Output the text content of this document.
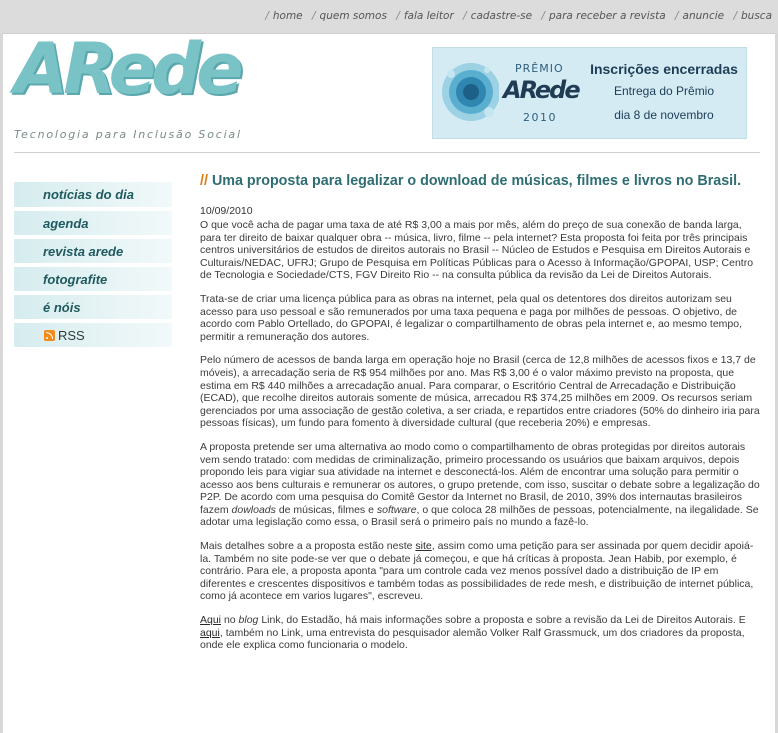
/ home / quem somos / fala leitor / cadastre-se / para receber a revista / anuncie / busca
ARede
Tecnologia para Inclusão Social
PRÊMIO
ARede
2010
Inscrições encerradas
Entrega do Prêmio
dia 8 de novembro
notícias do dia
agenda
revista arede
fotografite
é nóis
RSS
// Uma proposta para legalizar o download de músicas, filmes e livros no Brasil.
10/09/2010

O que você acha de pagar uma taxa de até R$ 3,00 a mais por mês, além do preço de sua conexão de banda larga, para ter direito de baixar qualquer obra -- música, livro, filme -- pela internet? Esta proposta foi feita por três principais centros universitários de estudos de direitos autorais no Brasil -- Núcleo de Estudos e Pesquisa em Direitos Autorais e Culturais/NEDAC, UFRJ; Grupo de Pesquisa em Políticas Públicas para o Acesso à Informação/GPOPAI, USP; Centro de Tecnologia e Sociedade/CTS, FGV Direito Rio -- na consulta pública da revisão da Lei de Direitos Autorais.

Trata-se de criar uma licença pública para as obras na internet, pela qual os detentores dos direitos autorizam seu acesso para uso pessoal e são remunerados por uma taxa pequena e paga por milhões de pessoas. O objetivo, de acordo com Pablo Ortellado, do GPOPAI, é legalizar o compartilhamento de obras pela internet e, ao mesmo tempo, permitir a remuneração dos autores.

Pelo número de acessos de banda larga em operação hoje no Brasil (cerca de 12,8 milhões de acessos fixos e 13,7 de móveis), a arrecadação seria de R$ 954 milhões por ano. Mas R$ 3,00 é o valor máximo previsto na proposta, que estima em R$ 440 milhões a arrecadação anual. Para comparar, o Escritório Central de Arrecadação e Distribuição (ECAD), que recolhe direitos autorais somente de música, arrecadou R$ 374,25 milhões em 2009. Os recursos seriam gerenciados por uma associação de gestão coletiva, a ser criada, e repartidos entre criadores (50% do dinheiro iria para pessoas físicas), um fundo para fomento à diversidade cultural (que receberia 20%) e empresas.

A proposta pretende ser uma alternativa ao modo como o compartilhamento de obras protegidas por direitos autorais vem sendo tratado: com medidas de criminalização, primeiro processando os usuários que baixam arquivos, depois propondo leis para vigiar sua atividade na internet e desconectá-los. Além de encontrar uma solução para permitir o acesso aos bens culturais e remunerar os autores, o grupo pretende, com isso, suscitar o debate sobre a legalização do P2P. De acordo com uma pesquisa do Comitê Gestor da Internet no Brasil, de 2010, 39% dos internautas brasileiros fazem dowloads de músicas, filmes e software, o que coloca 28 milhões de pessoas, potencialmente, na ilegalidade. Se adotar uma legislação como essa, o Brasil será o primeiro país no mundo a fazê-lo.

Mais detalhes sobre a a proposta estão neste site, assim como uma petição para ser assinada por quem decidir apoiá-la. Também no site pode-se ver que o debate já começou, e que há críticas à proposta. Jean Habib, por exemplo, é contrário. Para ele, a proposta aponta "para um controle cada vez menos possível dado a distribuição de IP em diferentes e crescentes dispositivos e também todas as possibilidades de rede mesh, e distribuição de internet pública, como já acontece em varios lugares", escreveu.

Aqui no blog Link, do Estadão, há mais informações sobre a proposta e sobre a revisão da Lei de Direitos Autorais. E aqui, também no Link, uma entrevista do pesquisador alemão Volker Ralf Grassmuck, um dos criadores da proposta, onde ele explica como funcionaria o modelo.
